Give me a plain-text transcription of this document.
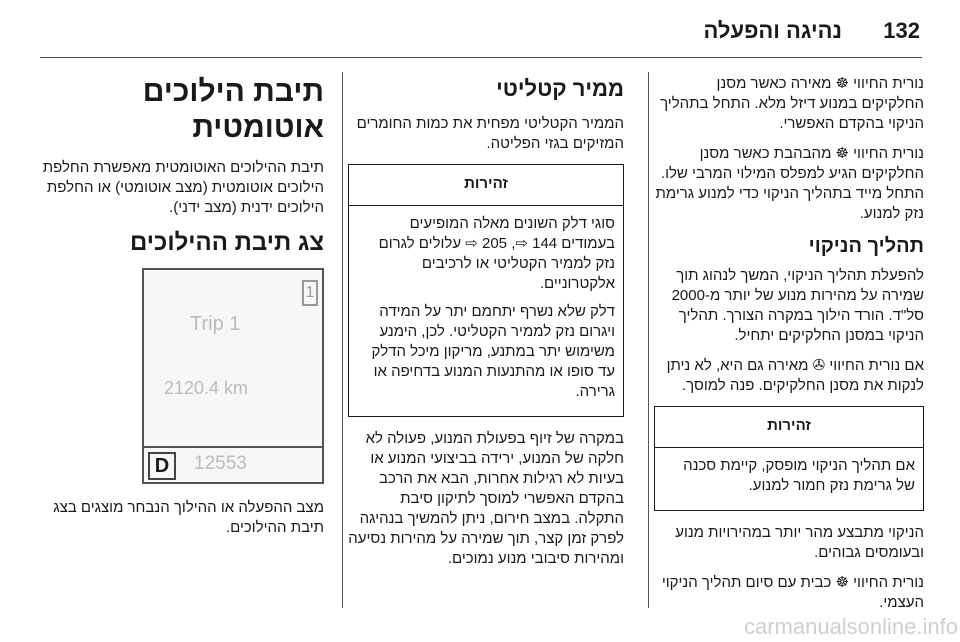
נהיגה והפעלה 132

נורית החיווי ☸ מאירה כאשר מסנן החלקיקים במנוע דיזל מלא. התחל בתהליך הניקוי בהקדם האפשרי.

נורית החיווי ☸ מהבהבת כאשר מסנן החלקיקים הגיע למפלס המילוי המרבי שלו. התחל מייד בתהליך הניקוי כדי למנוע גרימת נזק למנוע.

תהליך הניקוי

להפעלת תהליך הניקוי, המשך לנהוג תוך שמירה על מהירות מנוע של יותר מ-2000 סל"ד. הורד הילוך במקרה הצורך. תהליך הניקוי במסנן החלקיקים יתחיל.

אם נורית החיווי ✇ מאירה גם היא, לא ניתן לנקות את מסנן החלקיקים. פנה למוסך.

זהירות

אם תהליך הניקוי מופסק, קיימת סכנה של גרימת נזק חמור למנוע.

הניקוי מתבצע מהר יותר במהירויות מנוע ובעומסים גבוהים.

נורית החיווי ☸ כבית עם סיום תהליך הניקוי העצמי.

ממיר קטליטי

הממיר הקטליטי מפחית את כמות החומרים המזיקים בגזי הפליטה.

זהירות

סוגי דלק השונים מאלה המופיעים בעמודים 144 ⇨, 205 ⇨ עלולים לגרום נזק לממיר הקטליטי או לרכיבים אלקטרוניים.

דלק שלא נשרף יתחמם יתר על המידה ויגרום נזק לממיר הקטליטי. לכן, הימנע משימוש יתר במתנע, מריקון מיכל הדלק עד סופו או מהתנעות המנוע בדחיפה או גרירה.

במקרה של זיוף בפעולת המנוע, פעולה לא חלקה של המנוע, ירידה בביצועי המנוע או בעיות לא רגילות אחרות, הבא את הרכב בהקדם האפשרי למוסך לתיקון סיבת התקלה. במצב חירום, ניתן להמשיך בנהיגה לפרק זמן קצר, תוך שמירה על מהירות נסיעה ומהירות סיבובי מנוע נמוכים.

תיבת הילוכים אוטומטית

תיבת ההילוכים האוטומטית מאפשרת החלפת הילוכים אוטומטית (מצב אוטומטי) או החלפת הילוכים ידנית (מצב ידני).

צג תיבת ההילוכים
1
Trip 1
2120.4 km
D	12553

מצב ההפעלה או ההילוך הנבחר מוצגים בצג תיבת ההילוכים.

carmanualsonline.info
